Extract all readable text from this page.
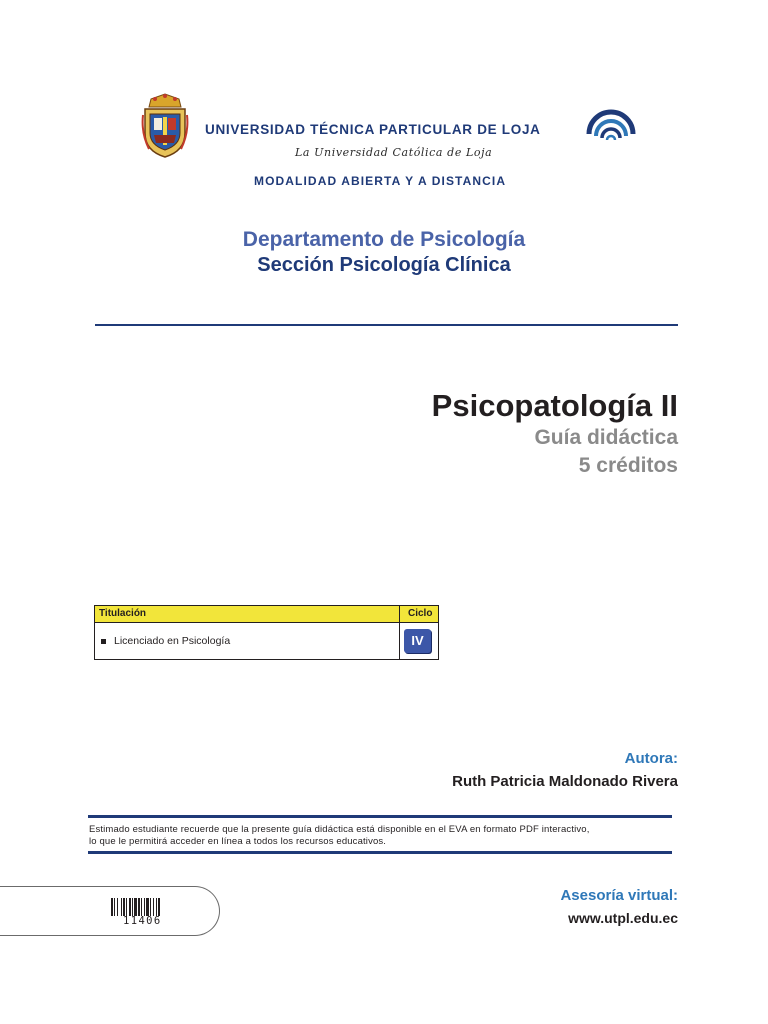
UNIVERSIDAD TÉCNICA PARTICULAR DE LOJA
La Universidad Católica de Loja
MODALIDAD ABIERTA Y A DISTANCIA
Departamento de Psicología
Sección Psicología Clínica
Psicopatología II
Guía didáctica
5 créditos
Titulación	Ciclo
Licenciado en Psicología	IV
Autora:
Ruth Patricia Maldonado Rivera
Estimado estudiante recuerde que la presente guía didáctica está disponible en el EVA en formato PDF interactivo,
lo que le permitirá acceder en línea a todos los recursos educativos.
11406
Asesoría virtual:
www.utpl.edu.ec
